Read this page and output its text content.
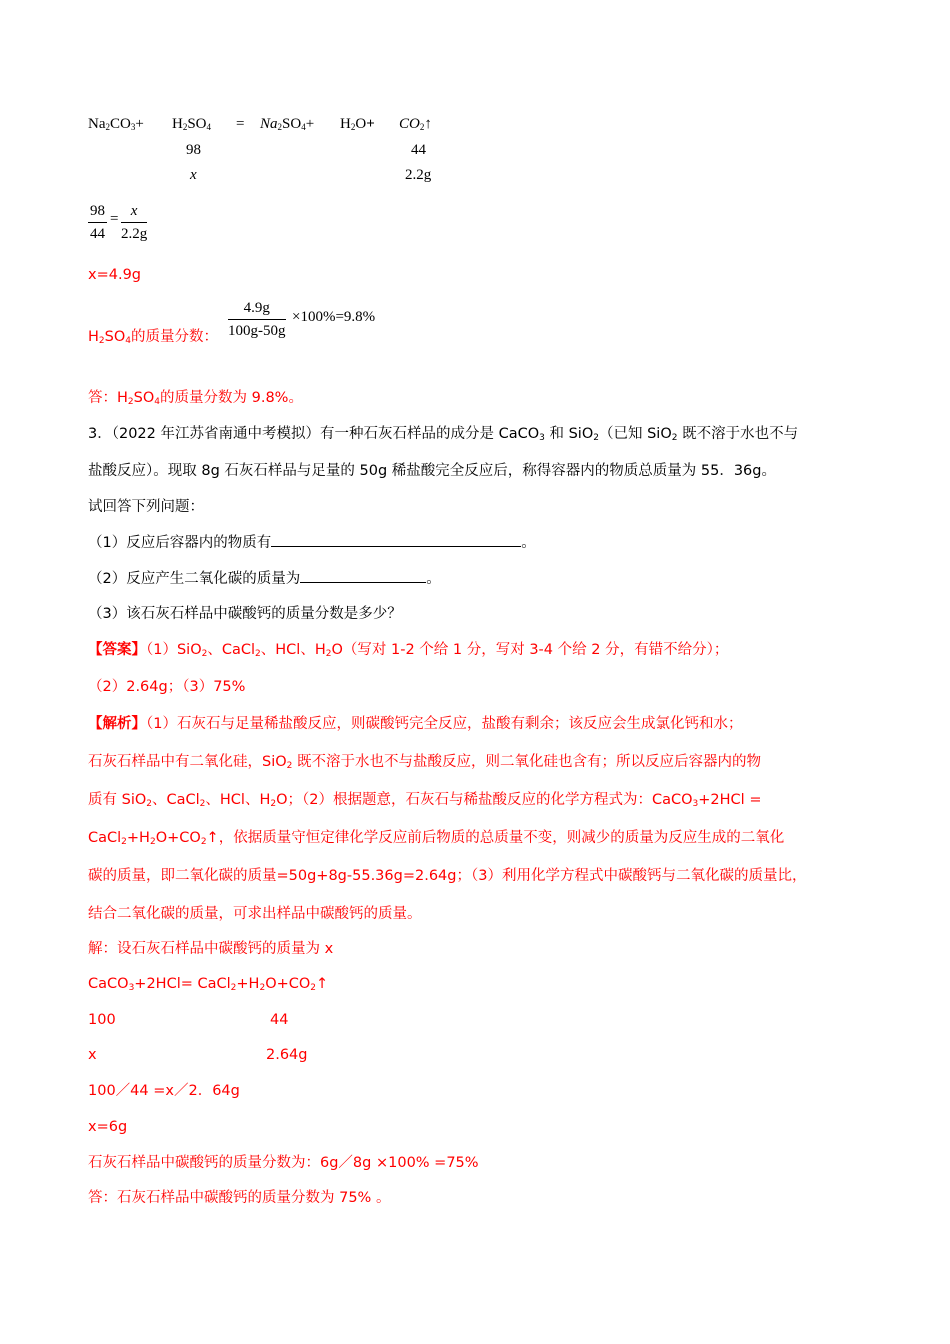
$Na_2CO_3+ H_2SO_4 = Na_2SO_4+ H_2O+$ $CO_2↑$
98	44
x	2.2g
$\frac{98}{44} = \frac{x}{2.2g}$
x=4.9g
$H_2SO_4$的质量分数： $\frac{4.9g}{100g-50g} \times 100\%=9.8\%$
答：$H_2SO_4$的质量分数为 9.8%。
3．（2022 年江苏省南通中考模拟）有一种石灰石样品的成分是 CaCO$_3$ 和 SiO$_2$（已知 SiO$_2$ 既不溶于水也不与
盐酸反应）。现取 8g 石灰石样品与足量的 50g 稀盐酸完全反应后，称得容器内的物质总质量为 55．36g。
试回答下列问题：
（1）反应后容器内的物质有	。
（2）反应产生二氧化碳的质量为	。
（3）该石灰石样品中碳酸钙的质量分数是多少？
【答案】（1）SiO$_2$、CaCl$_2$、HCl、$H_2O$（写对 1-2 个给 1 分，写对 3-4 个给 2 分，有错不给分）；
（2）2.64g；（3）75%
【解析】（1）石灰石与足量稀盐酸反应，则碳酸钙完全反应，盐酸有剩余；该反应会生成氯化钙和水；
石灰石样品中有二氧化硅，SiO$_2$ 既不溶于水也不与盐酸反应，则二氧化硅也含有；所以反应后容器内的物
质有 SiO$_2$、CaCl$_2$、HCl、$H_2O$；（2）根据题意，石灰石与稀盐酸反应的化学方程式为：CaCO$_3$+2HCl =
$CaCl_2+H_2O+CO_2↑$，依据质量守恒定律化学反应前后物质的总质量不变，则减少的质量为反应生成的二氧化
碳的质量，即二氧化碳的质量=50g+8g-55.36g=2.64g；（3）利用化学方程式中碳酸钙与二氧化碳的质量比，
结合二氧化碳的质量，可求出样品中碳酸钙的质量。
解：设石灰石样品中碳酸钙的质量为 x
CaCO$_3$+2HCl= $CaCl_2+H_2O+CO_2↑$
100	44
x	2.64g
100／44 =x／2．64g
x=6g
石灰石样品中碳酸钙的质量分数为：6g／8g ×100% =75%
答：石灰石样品中碳酸钙的质量分数为 75% 。
